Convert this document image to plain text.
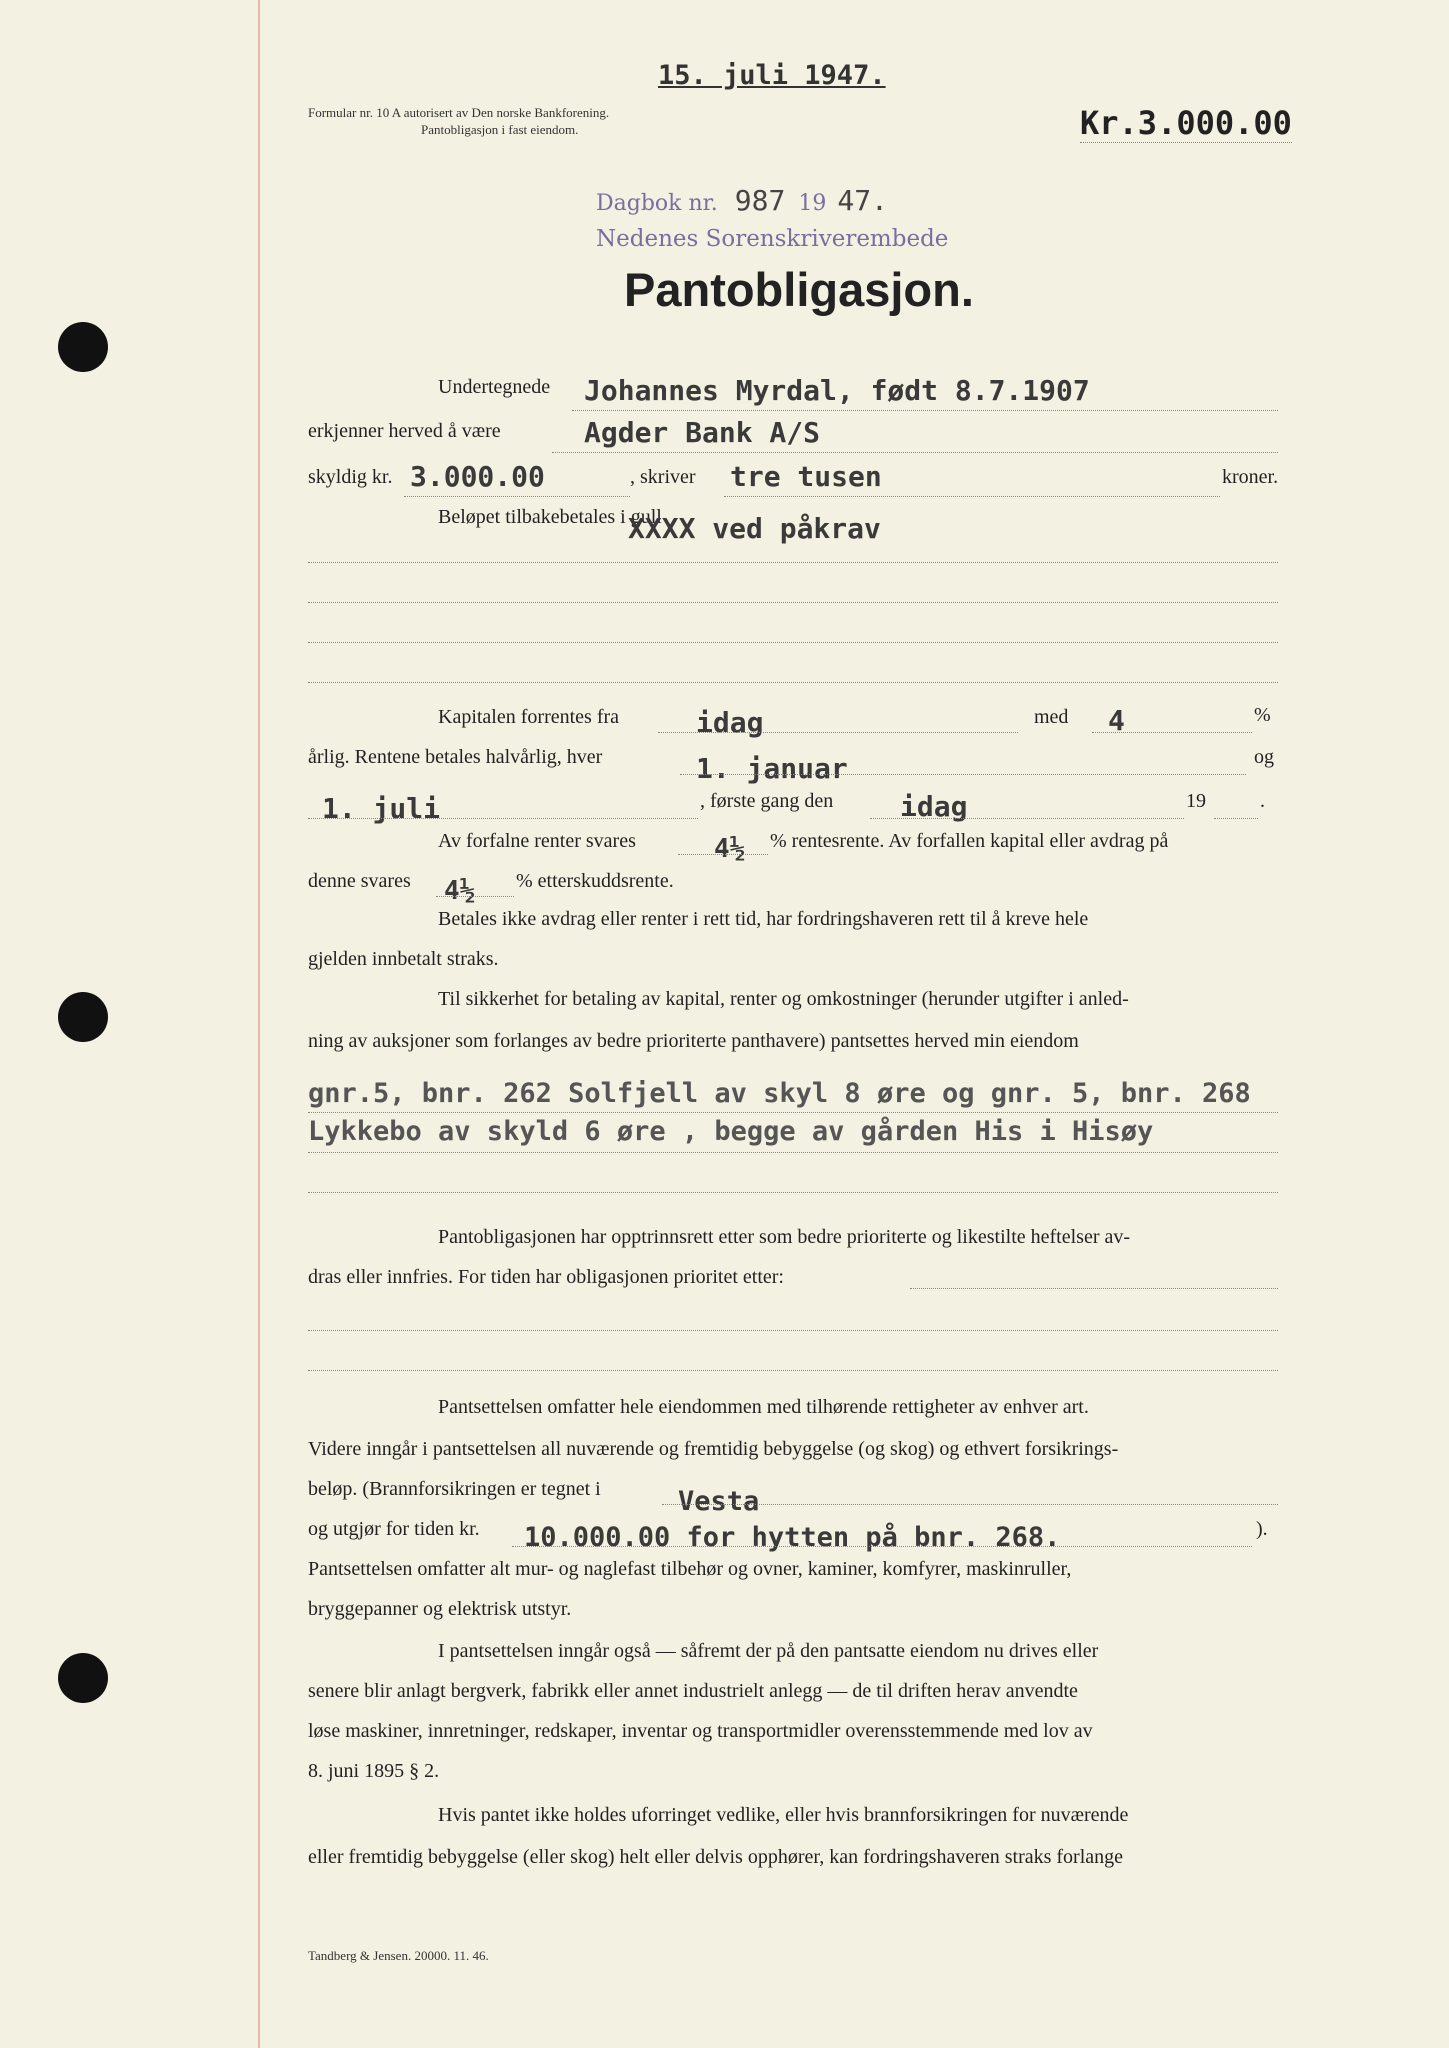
15. juli 1947.
Formular nr. 10 A autorisert av Den norske Bankforening.
Pantobligasjon i fast eiendom.	Kr.3.000.00
Dagbok nr. 987 19 47.
Nedenes Sorenskriverembede
Pantobligasjon.
Undertegnede Johannes Myrdal, født 8.7.1907
erkjenner herved å være	Agder Bank A/S
skyldig kr. 3.000.00	, skriver tre tusen	kroner.
Beløpet tilbakebetales i gull
XXXX ved påkrav
Kapitalen forrentes fra	idag	med 4	%
årlig. Rentene betales halvårlig, hver	1. januar	og
1. juli	, første gang den idag	19	.
Av forfalne renter svares	4½ % rentesrente. Av forfallen kapital eller avdrag på
denne svares 4½ % etterskuddsrente.
Betales ikke avdrag eller renter i rett tid, har fordringshaveren rett til å kreve hele
gjelden innbetalt straks.
Til sikkerhet for betaling av kapital, renter og omkostninger (herunder utgifter i anled-
ning av auksjoner som forlanges av bedre prioriterte panthavere) pantsettes herved min eiendom
gnr.5, bnr. 262 Solfjell av skyl 8 øre og gnr. 5, bnr. 268
Lykkebo av skyld 6 øre , begge av gården His i Hisøy
Pantobligasjonen har opptrinnsrett etter som bedre prioriterte og likestilte heftelser av-
dras eller innfries. For tiden har obligasjonen prioritet etter:
Pantsettelsen omfatter hele eiendommen med tilhørende rettigheter av enhver art.
Videre inngår i pantsettelsen all nuværende og fremtidig bebyggelse (og skog) og ethvert forsikrings-
beløp. (Brannforsikringen er tegnet i	Vesta
og utgjør for tiden kr. 10.000.00 for hytten på bnr. 268.	).
Pantsettelsen omfatter alt mur- og naglefast tilbehør og ovner, kaminer, komfyrer, maskinruller,
bryggepanner og elektrisk utstyr.
I pantsettelsen inngår også — såfremt der på den pantsatte eiendom nu drives eller
senere blir anlagt bergverk, fabrikk eller annet industrielt anlegg — de til driften herav anvendte
løse maskiner, innretninger, redskaper, inventar og transportmidler overensstemmende med lov av
8. juni 1895 § 2.
Hvis pantet ikke holdes uforringet vedlike, eller hvis brannforsikringen for nuværende
eller fremtidig bebyggelse (eller skog) helt eller delvis opphører, kan fordringshaveren straks forlange
Tandberg & Jensen. 20000. 11. 46.
